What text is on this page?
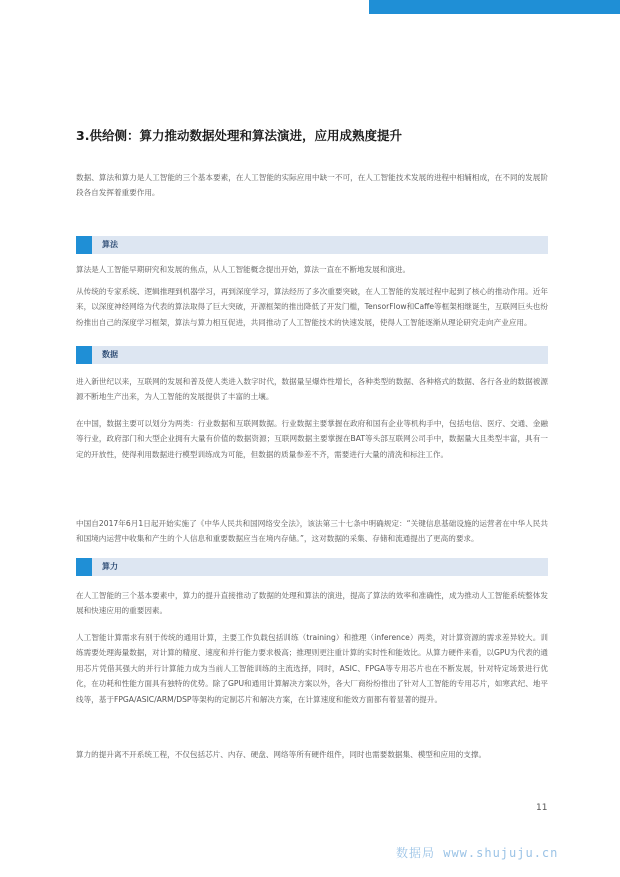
3.供给侧：算力推动数据处理和算法演进，应用成熟度提升

数据、算法和算力是人工智能的三个基本要素，在人工智能的实际应用中缺一不可，在人工智能技术发展的进程中相辅相成，在不同的发展阶段各自发挥着重要作用。

算法

算法是人工智能早期研究和发展的焦点，从人工智能概念提出开始，算法一直在不断地发展和演进。

从传统的专家系统、逻辑推理到机器学习，再到深度学习，算法经历了多次重要突破，在人工智能的发展过程中起到了核心的推动作用。近年来，以深度神经网络为代表的算法取得了巨大突破，开源框架的推出降低了开发门槛，TensorFlow和Caffe等框架相继诞生，互联网巨头也纷纷推出自己的深度学习框架，算法与算力相互促进，共同推动了人工智能技术的快速发展，使得人工智能逐渐从理论研究走向产业应用。

数据

进入新世纪以来，互联网的发展和普及使人类进入数字时代，数据量呈爆炸性增长，各种类型的数据、各种格式的数据、各行各业的数据被源源不断地生产出来，为人工智能的发展提供了丰富的土壤。

在中国，数据主要可以划分为两类：行业数据和互联网数据。行业数据主要掌握在政府和国有企业等机构手中，包括电信、医疗、交通、金融等行业，政府部门和大型企业拥有大量有价值的数据资源；互联网数据主要掌握在BAT等头部互联网公司手中，数据量大且类型丰富，具有一定的开放性，使得利用数据进行模型训练成为可能，但数据的质量参差不齐，需要进行大量的清洗和标注工作。

中国自2017年6月1日起开始实施了《中华人民共和国网络安全法》，该法第三十七条中明确规定：“关键信息基础设施的运营者在中华人民共和国境内运营中收集和产生的个人信息和重要数据应当在境内存储。”，这对数据的采集、存储和流通提出了更高的要求。

算力

在人工智能的三个基本要素中，算力的提升直接推动了数据的处理和算法的演进，提高了算法的效率和准确性，成为推动人工智能系统整体发展和快速应用的重要因素。

人工智能计算需求有别于传统的通用计算，主要工作负载包括训练（training）和推理（inference）两类，对计算资源的需求差异较大。训练需要处理海量数据，对计算的精度、速度和并行能力要求极高；推理则更注重计算的实时性和能效比。从算力硬件来看，以GPU为代表的通用芯片凭借其强大的并行计算能力成为当前人工智能训练的主流选择，同时，ASIC、FPGA等专用芯片也在不断发展，针对特定场景进行优化，在功耗和性能方面具有独特的优势。除了GPU和通用计算解决方案以外，各大厂商纷纷推出了针对人工智能的专用芯片，如寒武纪、地平线等，基于FPGA/ASIC/ARM/DSP等架构的定制芯片和解决方案，在计算速度和能效方面都有着显著的提升。

算力的提升离不开系统工程，不仅包括芯片、内存、硬盘、网络等所有硬件组件，同时也需要数据集、模型和应用的支撑。

11
数据局 www.shujuju.cn
